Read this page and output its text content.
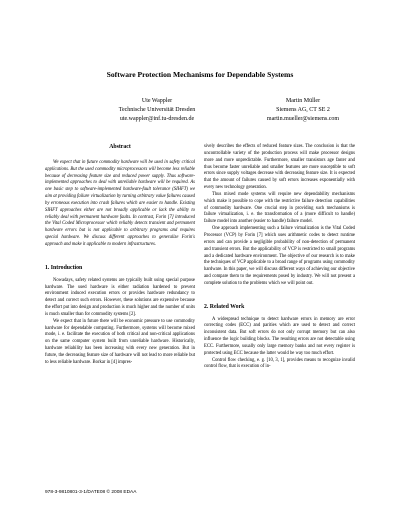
Software Protection Mechanisms for Dependable Systems
Ute Wappler
Technische Universität Dresden
ute.wappler@inf.tu-dresden.de
Martin Müller
Siemens AG, CT SE 2
martin.mueller@siemens.com
Abstract

We expect that in future commodity hardware will be used in safety critical applications. But the used commodity microprocessors will become less reliable because of decreasing feature size and reduced power supply. Thus software-implemented approaches to deal with unreliable hardware will be required. As one basic step to software-implemented hardware-fault tolerance (SIHFT) we aim at providing failure virtualization by turning arbitrary value failures caused by erroneous execution into crash failures which are easier to handle. Existing SIHFT approaches either are not broadly applicable or lack the ability to reliably deal with permanent hardware faults. In contrast, Forin [7] introduced the Vital Coded Microprocessor which reliably detects transient and permanent hardware errors but is not applicable to arbitrary programs and requires special hardware. We discuss different approaches to generalize Forin's approach and make it applicable to modern infrastructures.

1. Introduction

Nowadays, safety related systems are typically built using special purpose hardware. The used hardware is either radiation hardened to prevent environment induced execution errors or provides hardware redundancy to detect and correct such errors. However, these solutions are expensive because the effort put into design and production is much higher and the number of units is much smaller than for commodity systems [2].

We expect that in future there will be economic pressure to use commodity hardware for dependable computing. Furthermore, systems will become mixed mode, i. e. facilitate the execution of both critical and non-critical applications on the same computer system built from unreliable hardware. Historically, hardware reliability has been increasing with every new generation. But in future, the decreasing feature size of hardware will not lead to more reliable but to less reliable hardware. Borkar in [4] impres-

sively describes the effects of reduced feature sizes. The conclusion is that the uncontrollable variety of the production process will make processor designs more and more unpredictable. Furthermore, smaller transistors age faster and thus become faster unreliable and smaller features are more susceptible to soft errors since supply voltages decrease with decreasing feature size. It is expected that the amount of failures caused by soft errors increases exponentially with every new technology generation.

Thus mixed mode systems will require new dependability mechanisms which make it possible to cope with the restrictive failure detection capabilities of commodity hardware. One crucial step in providing such mechanisms is failure virtualization, i. e. the transformation of a (more difficult to handle) failure model into another (easier to handle) failure model.

One approach implementing such a failure virtualization is the Vital Coded Processor (VCP) by Forin [7] which uses arithmetic codes to detect runtime errors and can provide a negligible probability of non-detection of permanent and transient errors. But the applicability of VCP is restricted to small programs and a dedicated hardware environment. The objective of our research is to make the techniques of VCP applicable to a broad range of programs using commodity hardware. In this paper, we will discuss different ways of achieving our objective and compare them to the requirements posed by industry. We will not present a complete solution to the problems which we will point out.

2. Related Work

A widespread technique to detect hardware errors in memory are error correcting codes (ECC) and parities which are used to detect and correct inconsistent data. But soft errors do not only corrupt memory but can also influence the logic building blocks. The resulting errors are not detectable using ECC. Furthermore, usually only large memory banks and not every register is protected using ECC because the latter would be way too much effort.

Control flow checking, e. g. [10, 3, 1], provides means to recognize invalid control flow, that is execution of in-

978-3-9810801-3-1/DATE08 © 2008 EDAA
